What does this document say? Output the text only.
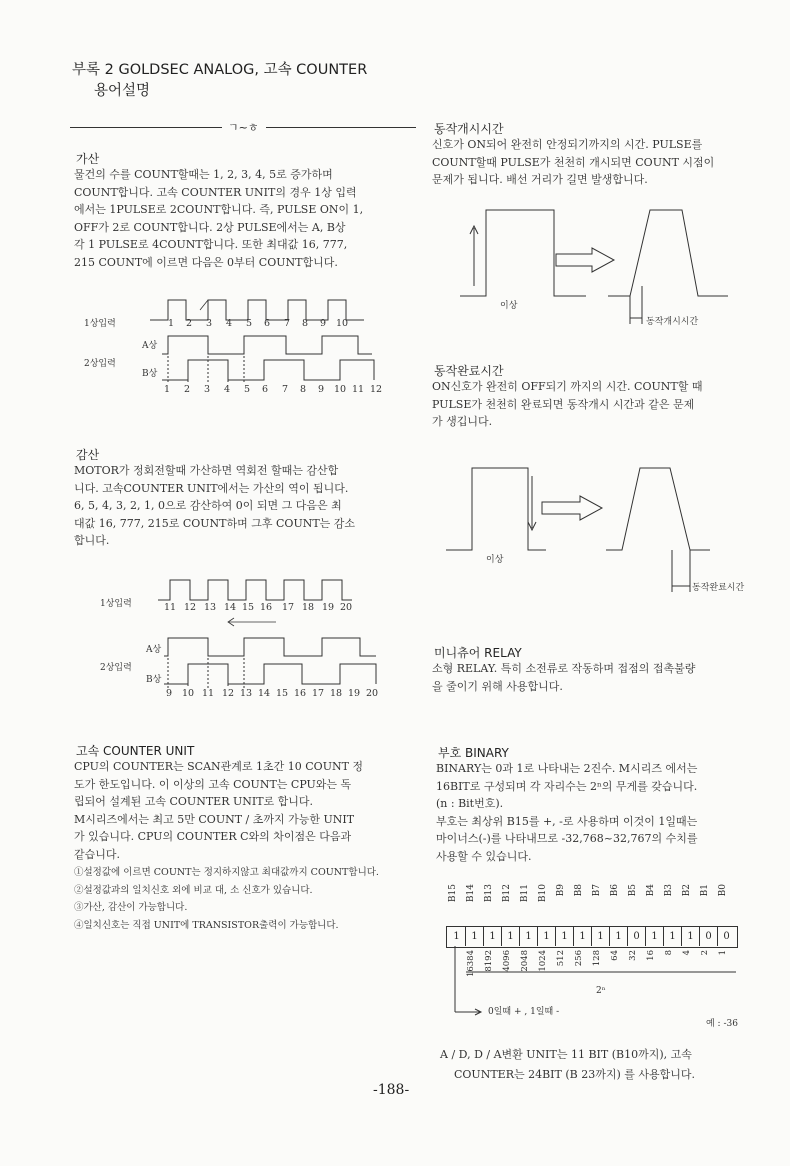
부록 2 GOLDSEC ANALOG, 고속 COUNTER
용어설명
ㄱ~ㅎ
가산
물건의 수를 COUNT할때는 1, 2, 3, 4, 5로 증가하며
COUNT합니다. 고속 COUNTER UNIT의 경우 1상 입력
에서는 1PULSE로 2COUNT합니다. 즉, PULSE ON이 1,
OFF가 2로 COUNT합니다. 2상 PULSE에서는 A, B상
각 1 PULSE로 4COUNT합니다. 또한 최대값 16, 777,
215 COUNT에 이르면 다음은 0부터 COUNT합니다.
1상입력	1 2 3 4 5 6 7 8 9 10
2상입력
A상
B상
1 2 3 4 5 6 7 8 9 10 11 12
감산
MOTOR가 정회전할때 가산하면 역회전 할때는 감산합
니다. 고속COUNTER UNIT에서는 가산의 역이 됩니다.
6, 5, 4, 3, 2, 1, 0으로 감산하여 0이 되면 그 다음은 최
대값 16, 777, 215로 COUNT하며 그후 COUNT는 감소
합니다.
1상입력	11 12 13 14 15 16 17 18 19 20
2상입력
A상
B상
9 10 11 12 13 14 15 16 17 18 19 20
고속 COUNTER UNIT
CPU의 COUNTER는 SCAN관계로 1초간 10 COUNT 정
도가 한도입니다. 이 이상의 고속 COUNT는 CPU와는 독
립되어 설계된 고속 COUNTER UNIT로 합니다.
M시리즈에서는 최고 5만 COUNT / 초까지 가능한 UNIT
가 있습니다. CPU의 COUNTER C와의 차이점은 다음과
같습니다.
①설정값에 이르면 COUNT는 정지하지않고 최대값까지 COUNT합니다.
②설정값과의 일치신호 외에 비교 대, 소 신호가 있습니다.
③가산, 감산이 가능합니다.
④일치신호는 직접 UNIT에 TRANSISTOR출력이 가능합니다.
동작개시시간
신호가 ON되어 완전히 안정되기까지의 시간. PULSE를
COUNT할때 PULSE가 천천히 개시되면 COUNT 시점이
문제가 됩니다. 배선 거리가 길면 발생합니다.
이상
동작개시시간
동작완료시간
ON신호가 완전히 OFF되기 까지의 시간. COUNT할 때
PULSE가 천천히 완료되면 동작개시 시간과 같은 문제
가 생깁니다.
이상
동작완료시간
미니츄어 RELAY
소형 RELAY. 특히 소전류로 작동하며 접점의 접촉불량
을 줄이기 위해 사용합니다.
부호 BINARY
BINARY는 0과 1로 나타내는 2진수. M시리즈 에서는
16BIT로 구성되며 각 자리수는 2ⁿ의 무게를 갖습니다.
(n : Bit번호).
부호는 최상위 B15를 +, -로 사용하며 이것이 1일때는
마이너스(-)를 나타내므로 -32,768~32,767의 수치를
사용할 수 있습니다.
B15 B14 B13 B12 B11 B10 B9 B8 B7 B6 B5 B4 B3 B2 B1 B0
1	1	1	1	1	1	1	1	1	1	0	1	1	1	0	0
16384 8192 4096 2048 1024 512 256 128 64 32 16 8 4 2 1
2ⁿ
0일때 + , 1일때 -
예 : -36
A / D, D / A변환 UNIT는 11 BIT (B10까지), 고속
COUNTER는 24BIT (B 23까지) 를 사용합니다.
-188-
